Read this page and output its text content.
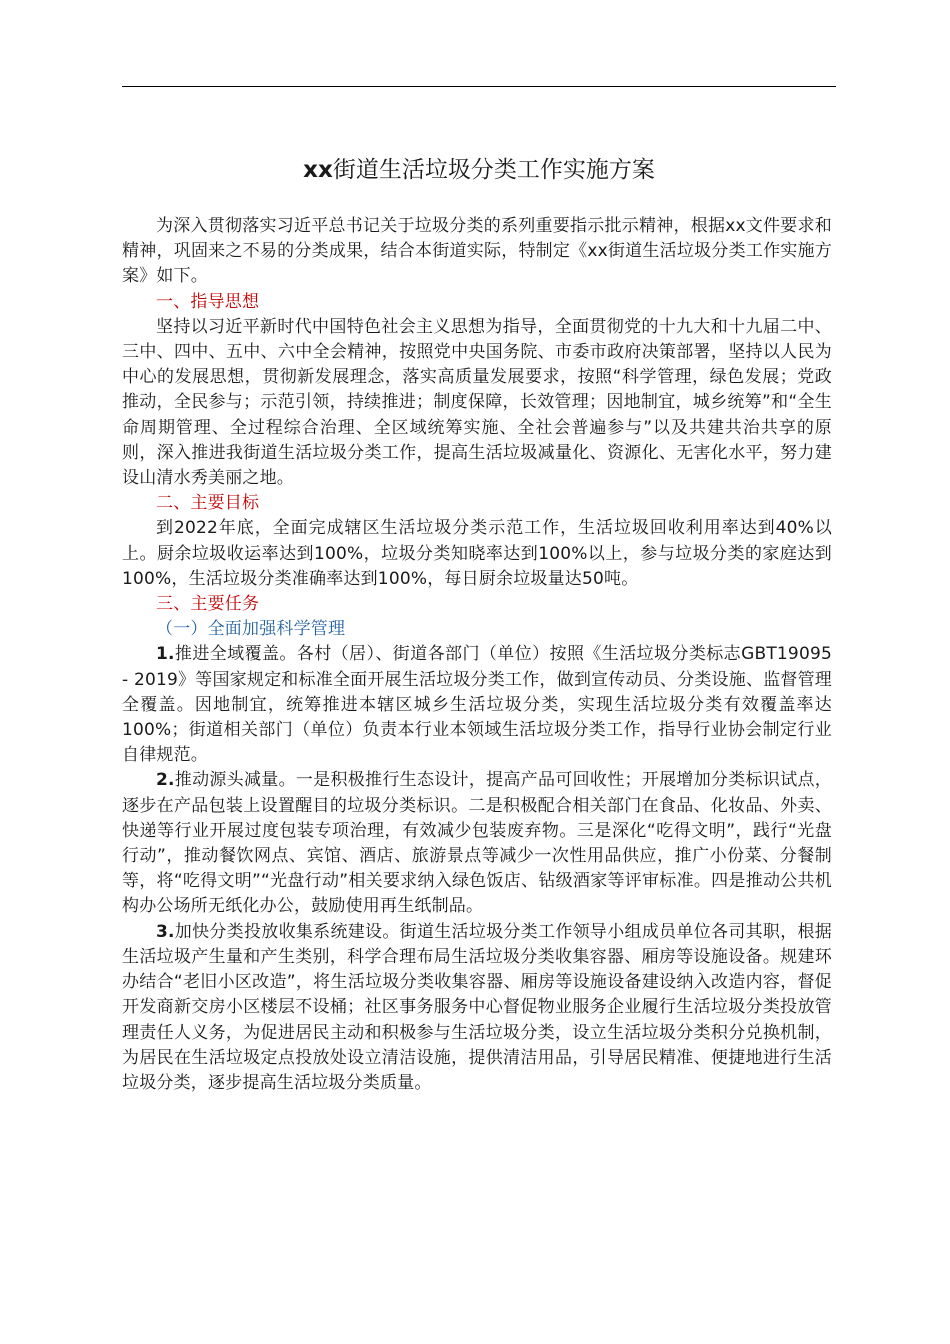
xx街道生活垃圾分类工作实施方案

为深入贯彻落实习近平总书记关于垃圾分类的系列重要指示批示精神，根据xx文件要求和精神，巩固来之不易的分类成果，结合本街道实际，特制定《xx街道生活垃圾分类工作实施方案》如下。

一、指导思想

坚持以习近平新时代中国特色社会主义思想为指导，全面贯彻党的十九大和十九届二中、三中、四中、五中、六中全会精神，按照党中央国务院、市委市政府决策部署，坚持以人民为中心的发展思想，贯彻新发展理念，落实高质量发展要求，按照“科学管理，绿色发展；党政推动，全民参与；示范引领，持续推进；制度保障，长效管理；因地制宜，城乡统筹”和“全生命周期管理、全过程综合治理、全区域统筹实施、全社会普遍参与”以及共建共治共享的原则，深入推进我街道生活垃圾分类工作，提高生活垃圾减量化、资源化、无害化水平，努力建设山清水秀美丽之地。

二、主要目标

到2022年底，全面完成辖区生活垃圾分类示范工作，生活垃圾回收利用率达到40%以上。厨余垃圾收运率达到100%，垃圾分类知晓率达到100%以上，参与垃圾分类的家庭达到100%，生活垃圾分类准确率达到100%，每日厨余垃圾量达50吨。

三、主要任务

（一）全面加强科学管理

1.推进全域覆盖。各村（居）、街道各部门（单位）按照《生活垃圾分类标志GBT19095 - 2019》等国家规定和标准全面开展生活垃圾分类工作，做到宣传动员、分类设施、监督管理全覆盖。因地制宜，统筹推进本辖区城乡生活垃圾分类，实现生活垃圾分类有效覆盖率达100%；街道相关部门（单位）负责本行业本领域生活垃圾分类工作，指导行业协会制定行业自律规范。

2.推动源头减量。一是积极推行生态设计，提高产品可回收性；开展增加分类标识试点，逐步在产品包装上设置醒目的垃圾分类标识。二是积极配合相关部门在食品、化妆品、外卖、快递等行业开展过度包装专项治理，有效减少包装废弃物。三是深化“吃得文明”，践行“光盘行动”，推动餐饮网点、宾馆、酒店、旅游景点等减少一次性用品供应，推广小份菜、分餐制等，将“吃得文明”“光盘行动”相关要求纳入绿色饭店、钻级酒家等评审标准。四是推动公共机构办公场所无纸化办公，鼓励使用再生纸制品。

3.加快分类投放收集系统建设。街道生活垃圾分类工作领导小组成员单位各司其职，根据生活垃圾产生量和产生类别，科学合理布局生活垃圾分类收集容器、厢房等设施设备。规建环办结合“老旧小区改造”，将生活垃圾分类收集容器、厢房等设施设备建设纳入改造内容，督促开发商新交房小区楼层不设桶；社区事务服务中心督促物业服务企业履行生活垃圾分类投放管理责任人义务，为促进居民主动和积极参与生活垃圾分类，设立生活垃圾分类积分兑换机制，为居民在生活垃圾定点投放处设立清洁设施，提供清洁用品，引导居民精准、便捷地进行生活垃圾分类，逐步提高生活垃圾分类质量。
